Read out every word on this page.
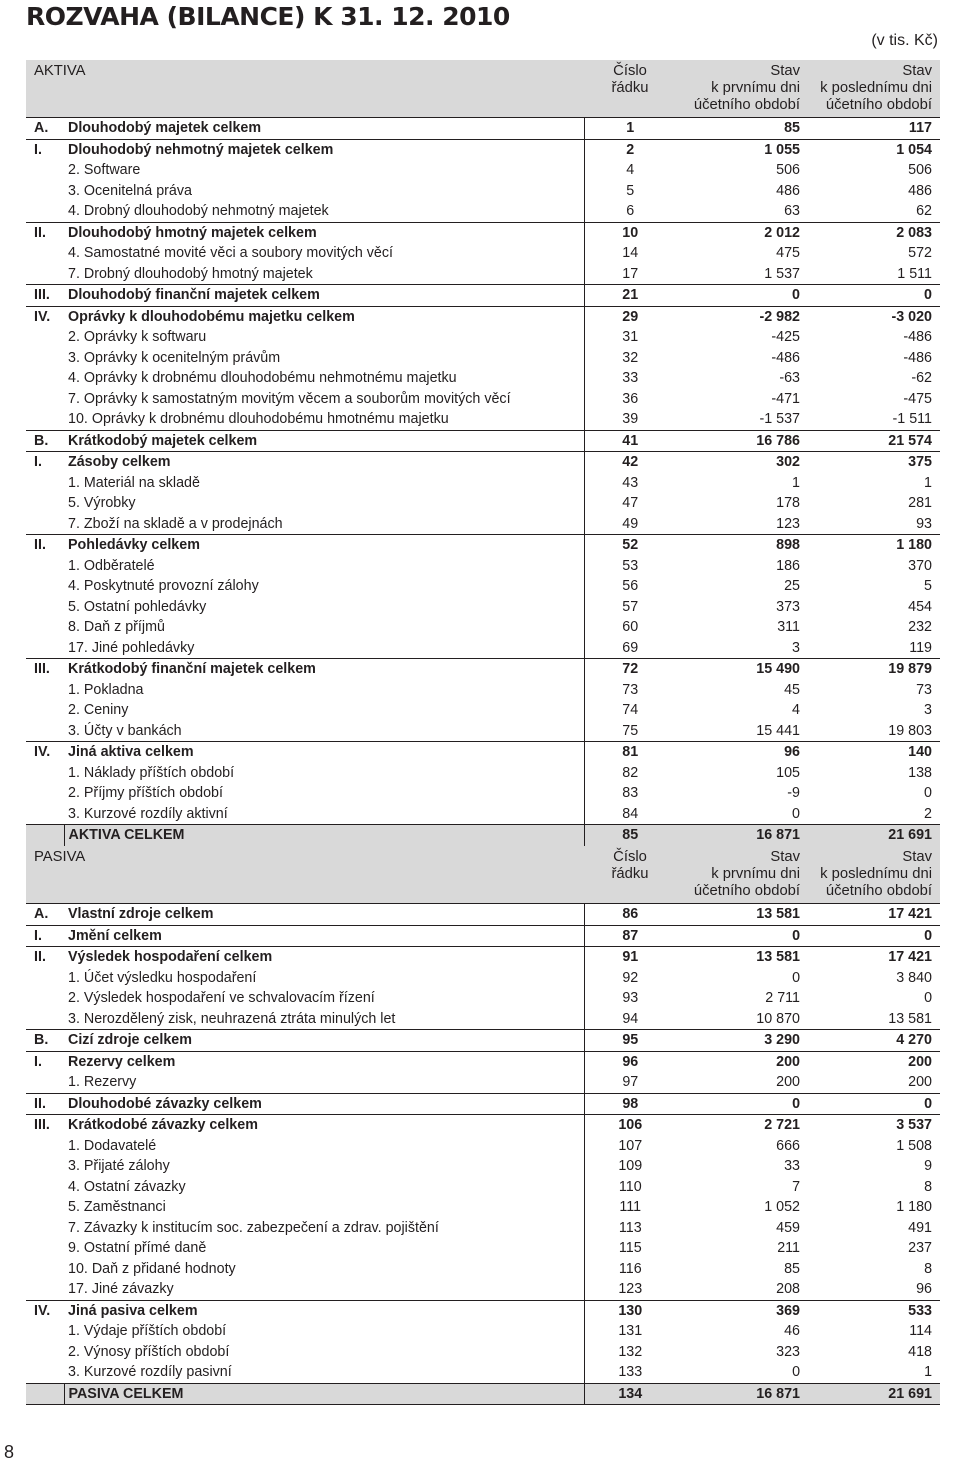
ROZVAHA (BILANCE) K 31. 12. 2010
(v tis. Kč)
AKTIVA		Číslo
řádku	Stav
k prvnímu dni
účetního období	Stav
k poslednímu dni
účetního období
A.	Dlouhodobý majetek celkem	1	85	117
I.	Dlouhodobý nehmotný majetek celkem	2	1 055	1 054
	2. Software	4	506	506
	3. Ocenitelná práva	5	486	486
	4. Drobný dlouhodobý nehmotný majetek	6	63	62
II.	Dlouhodobý hmotný majetek celkem	10	2 012	2 083
	4. Samostatné movité věci a soubory movitých věcí	14	475	572
	7. Drobný dlouhodobý hmotný majetek	17	1 537	1 511
III.	Dlouhodobý finanční majetek celkem	21	0	0
IV.	Oprávky k dlouhodobému majetku celkem	29	-2 982	-3 020
	2. Oprávky k softwaru	31	-425	-486
	3. Oprávky k ocenitelným právům	32	-486	-486
	4. Oprávky k drobnému dlouhodobému nehmotnému majetku	33	-63	-62
	7. Oprávky k samostatným movitým věcem a souborům movitých věcí	36	-471	-475
	10. Oprávky k drobnému dlouhodobému hmotnému majetku	39	-1 537	-1 511
B.	Krátkodobý majetek celkem	41	16 786	21 574
I.	Zásoby celkem	42	302	375
	1. Materiál na skladě	43	1	1
	5. Výrobky	47	178	281
	7. Zboží na skladě a v prodejnách	49	123	93
II.	Pohledávky celkem	52	898	1 180
	1. Odběratelé	53	186	370
	4. Poskytnuté provozní zálohy	56	25	5
	5. Ostatní pohledávky	57	373	454
	8. Daň z příjmů	60	311	232
	17. Jiné pohledávky	69	3	119
III.	Krátkodobý finanční majetek celkem	72	15 490	19 879
	1. Pokladna	73	45	73
	2. Ceniny	74	4	3
	3. Účty v bankách	75	15 441	19 803
IV.	Jiná aktiva celkem	81	96	140
	1. Náklady příštích období	82	105	138
	2. Příjmy příštích období	83	-9	0
	3. Kurzové rozdíly aktivní	84	0	2
	AKTIVA CELKEM	85	16 871	21 691
PASIVA		Číslo
řádku	Stav
k prvnímu dni
účetního období	Stav
k poslednímu dni
účetního období
A.	Vlastní zdroje celkem	86	13 581	17 421
I.	Jmění celkem	87	0	0
II.	Výsledek hospodaření celkem	91	13 581	17 421
	1. Účet výsledku hospodaření	92	0	3 840
	2. Výsledek hospodaření ve schvalovacím řízení	93	2 711	0
	3. Nerozdělený zisk, neuhrazená ztráta minulých let	94	10 870	13 581
B.	Cizí zdroje celkem	95	3 290	4 270
I.	Rezervy celkem	96	200	200
	1. Rezervy	97	200	200
II.	Dlouhodobé závazky celkem	98	0	0
III.	Krátkodobé závazky celkem	106	2 721	3 537
	1. Dodavatelé	107	666	1 508
	3. Přijaté zálohy	109	33	9
	4. Ostatní závazky	110	7	8
	5. Zaměstnanci	111	1 052	1 180
	7. Závazky k institucím soc. zabezpečení a zdrav. pojištění	113	459	491
	9. Ostatní přímé daně	115	211	237
	10. Daň z přidané hodnoty	116	85	8
	17. Jiné závazky	123	208	96
IV.	Jiná pasiva celkem	130	369	533
	1. Výdaje příštích období	131	46	114
	2. Výnosy příštích období	132	323	418
	3. Kurzové rozdíly pasivní	133	0	1
	PASIVA CELKEM	134	16 871	21 691
8
